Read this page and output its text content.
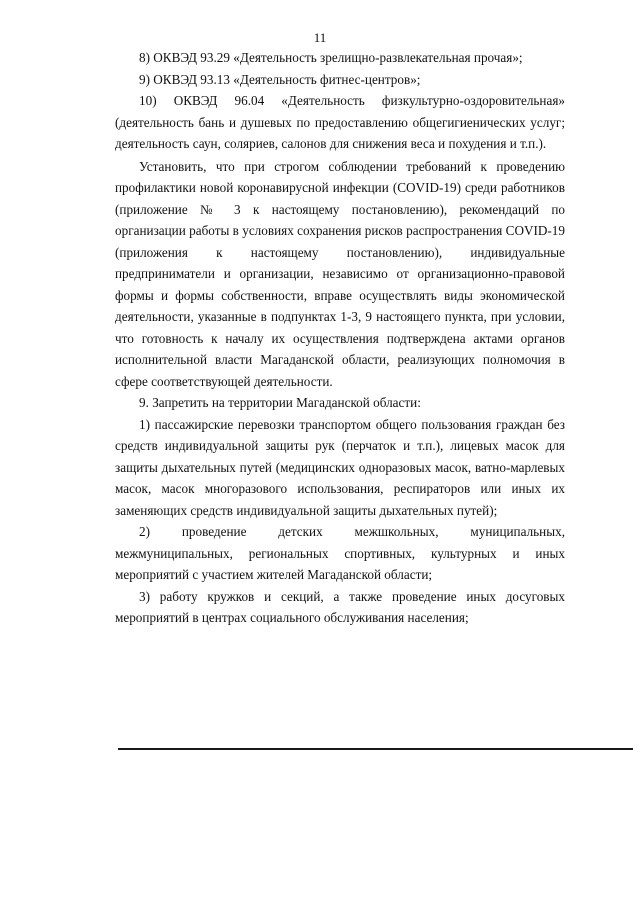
11

8) ОКВЭД 93.29 «Деятельность зрелищно-развлекательная прочая»;

9) ОКВЭД 93.13 «Деятельность фитнес-центров»;

10) ОКВЭД 96.04 «Деятельность физкультурно-оздоровительная» (деятельность бань и душевых по предоставлению общегигиенических услуг; деятельность саун, соляриев, салонов для снижения веса и похудения и т.п.).

Установить, что при строгом соблюдении требований к проведению профилактики новой коронавирусной инфекции (COVID-19) среди работников (приложение № 3 к настоящему постановлению), рекомендаций по организации работы в условиях сохранения рисков распространения COVID-19 (приложения к настоящему постановлению), индивидуальные предприниматели и организации, независимо от организационно-правовой формы и формы собственности, вправе осуществлять виды экономической деятельности, указанные в подпунктах 1-3, 9 настоящего пункта, при условии, что готовность к началу их осуществления подтверждена актами органов исполнительной власти Магаданской области, реализующих полномочия в сфере соответствующей деятельности.

9. Запретить на территории Магаданской области:

1) пассажирские перевозки транспортом общего пользования граждан без средств индивидуальной защиты рук (перчаток и т.п.), лицевых масок для защиты дыхательных путей (медицинских одноразовых масок, ватно-марлевых масок, масок многоразового использования, респираторов или иных их заменяющих средств индивидуальной защиты дыхательных путей);

2) проведение детских межшкольных, муниципальных, межмуниципальных, региональных спортивных, культурных и иных мероприятий с участием жителей Магаданской области;

3) работу кружков и секций, а также проведение иных досуговых мероприятий в центрах социального обслуживания населения;
